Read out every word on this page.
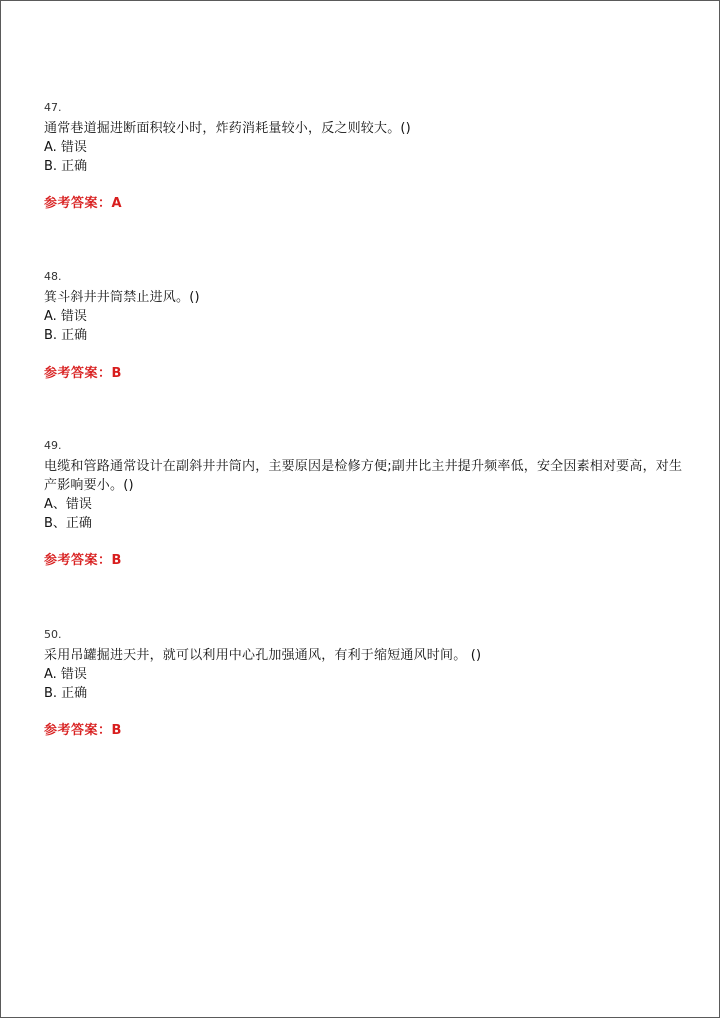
47.
通常巷道掘进断面积较小时，炸药消耗量较小，反之则较大。()
A. 错误
B. 正确
参考答案：A
48.
箕斗斜井井筒禁止进风。()
A. 错误
B. 正确
参考答案：B
49.
电缆和管路通常设计在副斜井井筒内，主要原因是检修方便;副井比主井提升频率低，安全因素相对要高，对生产影响要小。()
A、错误
B、正确
参考答案：B
50.
采用吊罐掘进天井，就可以利用中心孔加强通风，有利于缩短通风时间。 ()
A. 错误
B. 正确
参考答案：B
